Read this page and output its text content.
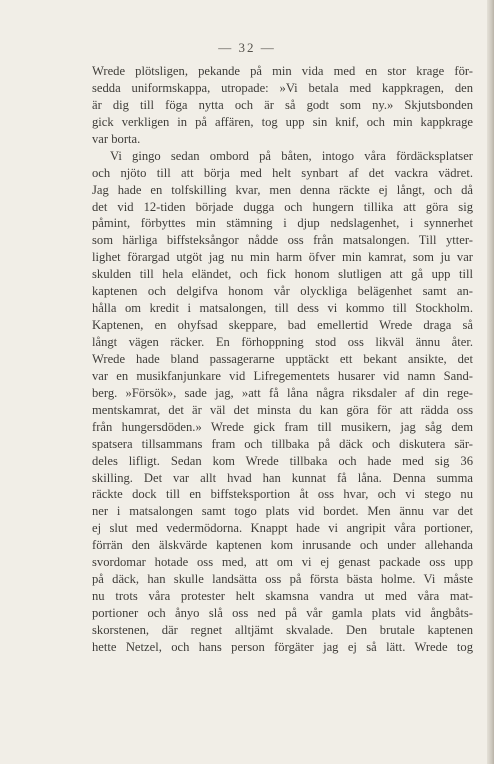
— 32 —
Wrede plötsligen, pekande på min vida med en stor krage för-
sedda uniformskappa, utropade: »Vi betala med kappkragen, den
är dig till föga nytta och är så godt som ny.» Skjutsbonden
gick verkligen in på affären, tog upp sin knif, och min kappkrage
var borta.
Vi gingo sedan ombord på båten, intogo våra fördäcksplatser
och njöto till att börja med helt synbart af det vackra vädret.
Jag hade en tolfskilling kvar, men denna räckte ej långt, och då
det vid 12-tiden började dugga och hungern tillika att göra sig
påmint, förbyttes min stämning i djup nedslagenhet, i synnerhet
som härliga biffsteksångor nådde oss från matsalongen. Till ytter-
lighet förargad utgöt jag nu min harm öfver min kamrat, som ju var
skulden till hela eländet, och fick honom slutligen att gå upp till
kaptenen och delgifva honom vår olyckliga belägenhet samt an-
hålla om kredit i matsalongen, till dess vi kommo till Stockholm.
Kaptenen, en ohyfsad skeppare, bad emellertid Wrede draga så
långt vägen räcker. En förhoppning stod oss likväl ännu åter.
Wrede hade bland passagerarne upptäckt ett bekant ansikte, det
var en musikfanjunkare vid Lifregementets husarer vid namn Sand-
berg. »Försök», sade jag, »att få låna några riksdaler af din rege-
mentskamrat, det är väl det minsta du kan göra för att rädda oss
från hungersdöden.» Wrede gick fram till musikern, jag såg dem
spatsera tillsammans fram och tillbaka på däck och diskutera sär-
deles lifligt. Sedan kom Wrede tillbaka och hade med sig 36
skilling. Det var allt hvad han kunnat få låna. Denna summa
räckte dock till en biffsteksportion åt oss hvar, och vi stego nu
ner i matsalongen samt togo plats vid bordet. Men ännu var det
ej slut med vedermödorna. Knappt hade vi angripit våra portioner,
förrän den älskvärde kaptenen kom inrusande och under allehanda
svordomar hotade oss med, att om vi ej genast packade oss upp
på däck, han skulle landsätta oss på första bästa holme. Vi måste
nu trots våra protester helt skamsna vandra ut med våra mat-
portioner och ånyo slå oss ned på vår gamla plats vid ångbåts-
skorstenen, där regnet alltjämt skvalade. Den brutale kaptenen
hette Netzel, och hans person förgäter jag ej så lätt. Wrede tog
